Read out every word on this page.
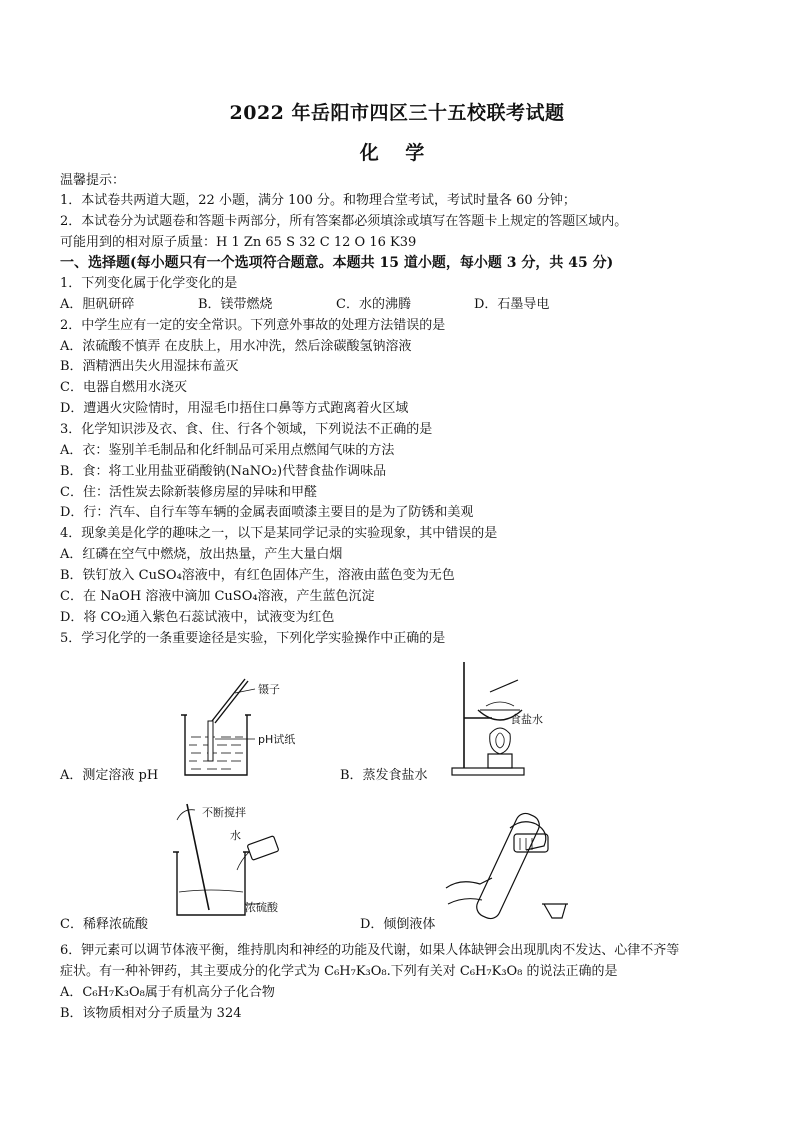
2022 年岳阳市四区三十五校联考试题
化 学
温馨提示：
1．本试卷共两道大题，22 小题，满分 100 分。和物理合堂考试，考试时量各 60 分钟；
2．本试卷分为试题卷和答题卡两部分，所有答案都必须填涂或填写在答题卡上规定的答题区域内。
可能用到的相对原子质量：H 1 Zn 65 S 32 C 12 O 16 K39
一、选择题(每小题只有一个选项符合题意。本题共 15 道小题，每小题 3 分，共 45 分)
1．下列变化属于化学变化的是
A．胆矾研碎	B．镁带燃烧	C．水的沸腾	D．石墨导电
2．中学生应有一定的安全常识。下列意外事故的处理方法错误的是
A．浓硫酸不慎弄 在皮肤上，用水冲洗，然后涂碳酸氢钠溶液
B．酒精洒出失火用湿抹布盖灭
C．电器自燃用水浇灭
D．遭遇火灾险情时，用湿毛巾捂住口鼻等方式跑离着火区域
3．化学知识涉及衣、食、住、行各个领域，下列说法不正确的是
A．衣：鉴别羊毛制品和化纤制品可采用点燃闻气味的方法
B．食：将工业用盐亚硝酸钠(NaNO₂)代替食盐作调味品
C．住：活性炭去除新装修房屋的异味和甲醛
D．行：汽车、自行车等车辆的金属表面喷漆主要目的是为了防锈和美观
4．现象美是化学的趣味之一，以下是某同学记录的实验现象，其中错误的是
A．红磷在空气中燃烧，放出热量，产生大量白烟
B．铁钉放入 CuSO₄溶液中，有红色固体产生，溶液由蓝色变为无色
C．在 NaOH 溶液中滴加 CuSO₄溶液，产生蓝色沉淀
D．将 CO₂通入紫色石蕊试液中，试液变为红色
5．学习化学的一条重要途径是实验，下列化学实验操作中正确的是
镊子
pH试纸
A．测定溶液 pH
食盐水
B．蒸发食盐水
不断搅拌
水
浓硫酸
C．稀释浓硫酸	D．倾倒液体
6．钾元素可以调节体液平衡，维持肌肉和神经的功能及代谢，如果人体缺钾会出现肌肉不发达、心律不齐等
症状。有一种补钾药，其主要成分的化学式为 C₆H₇K₃O₈.下列有关对 C₆H₇K₃O₈ 的说法正确的是
A．C₆H₇K₃O₈属于有机高分子化合物
B．该物质相对分子质量为 324
